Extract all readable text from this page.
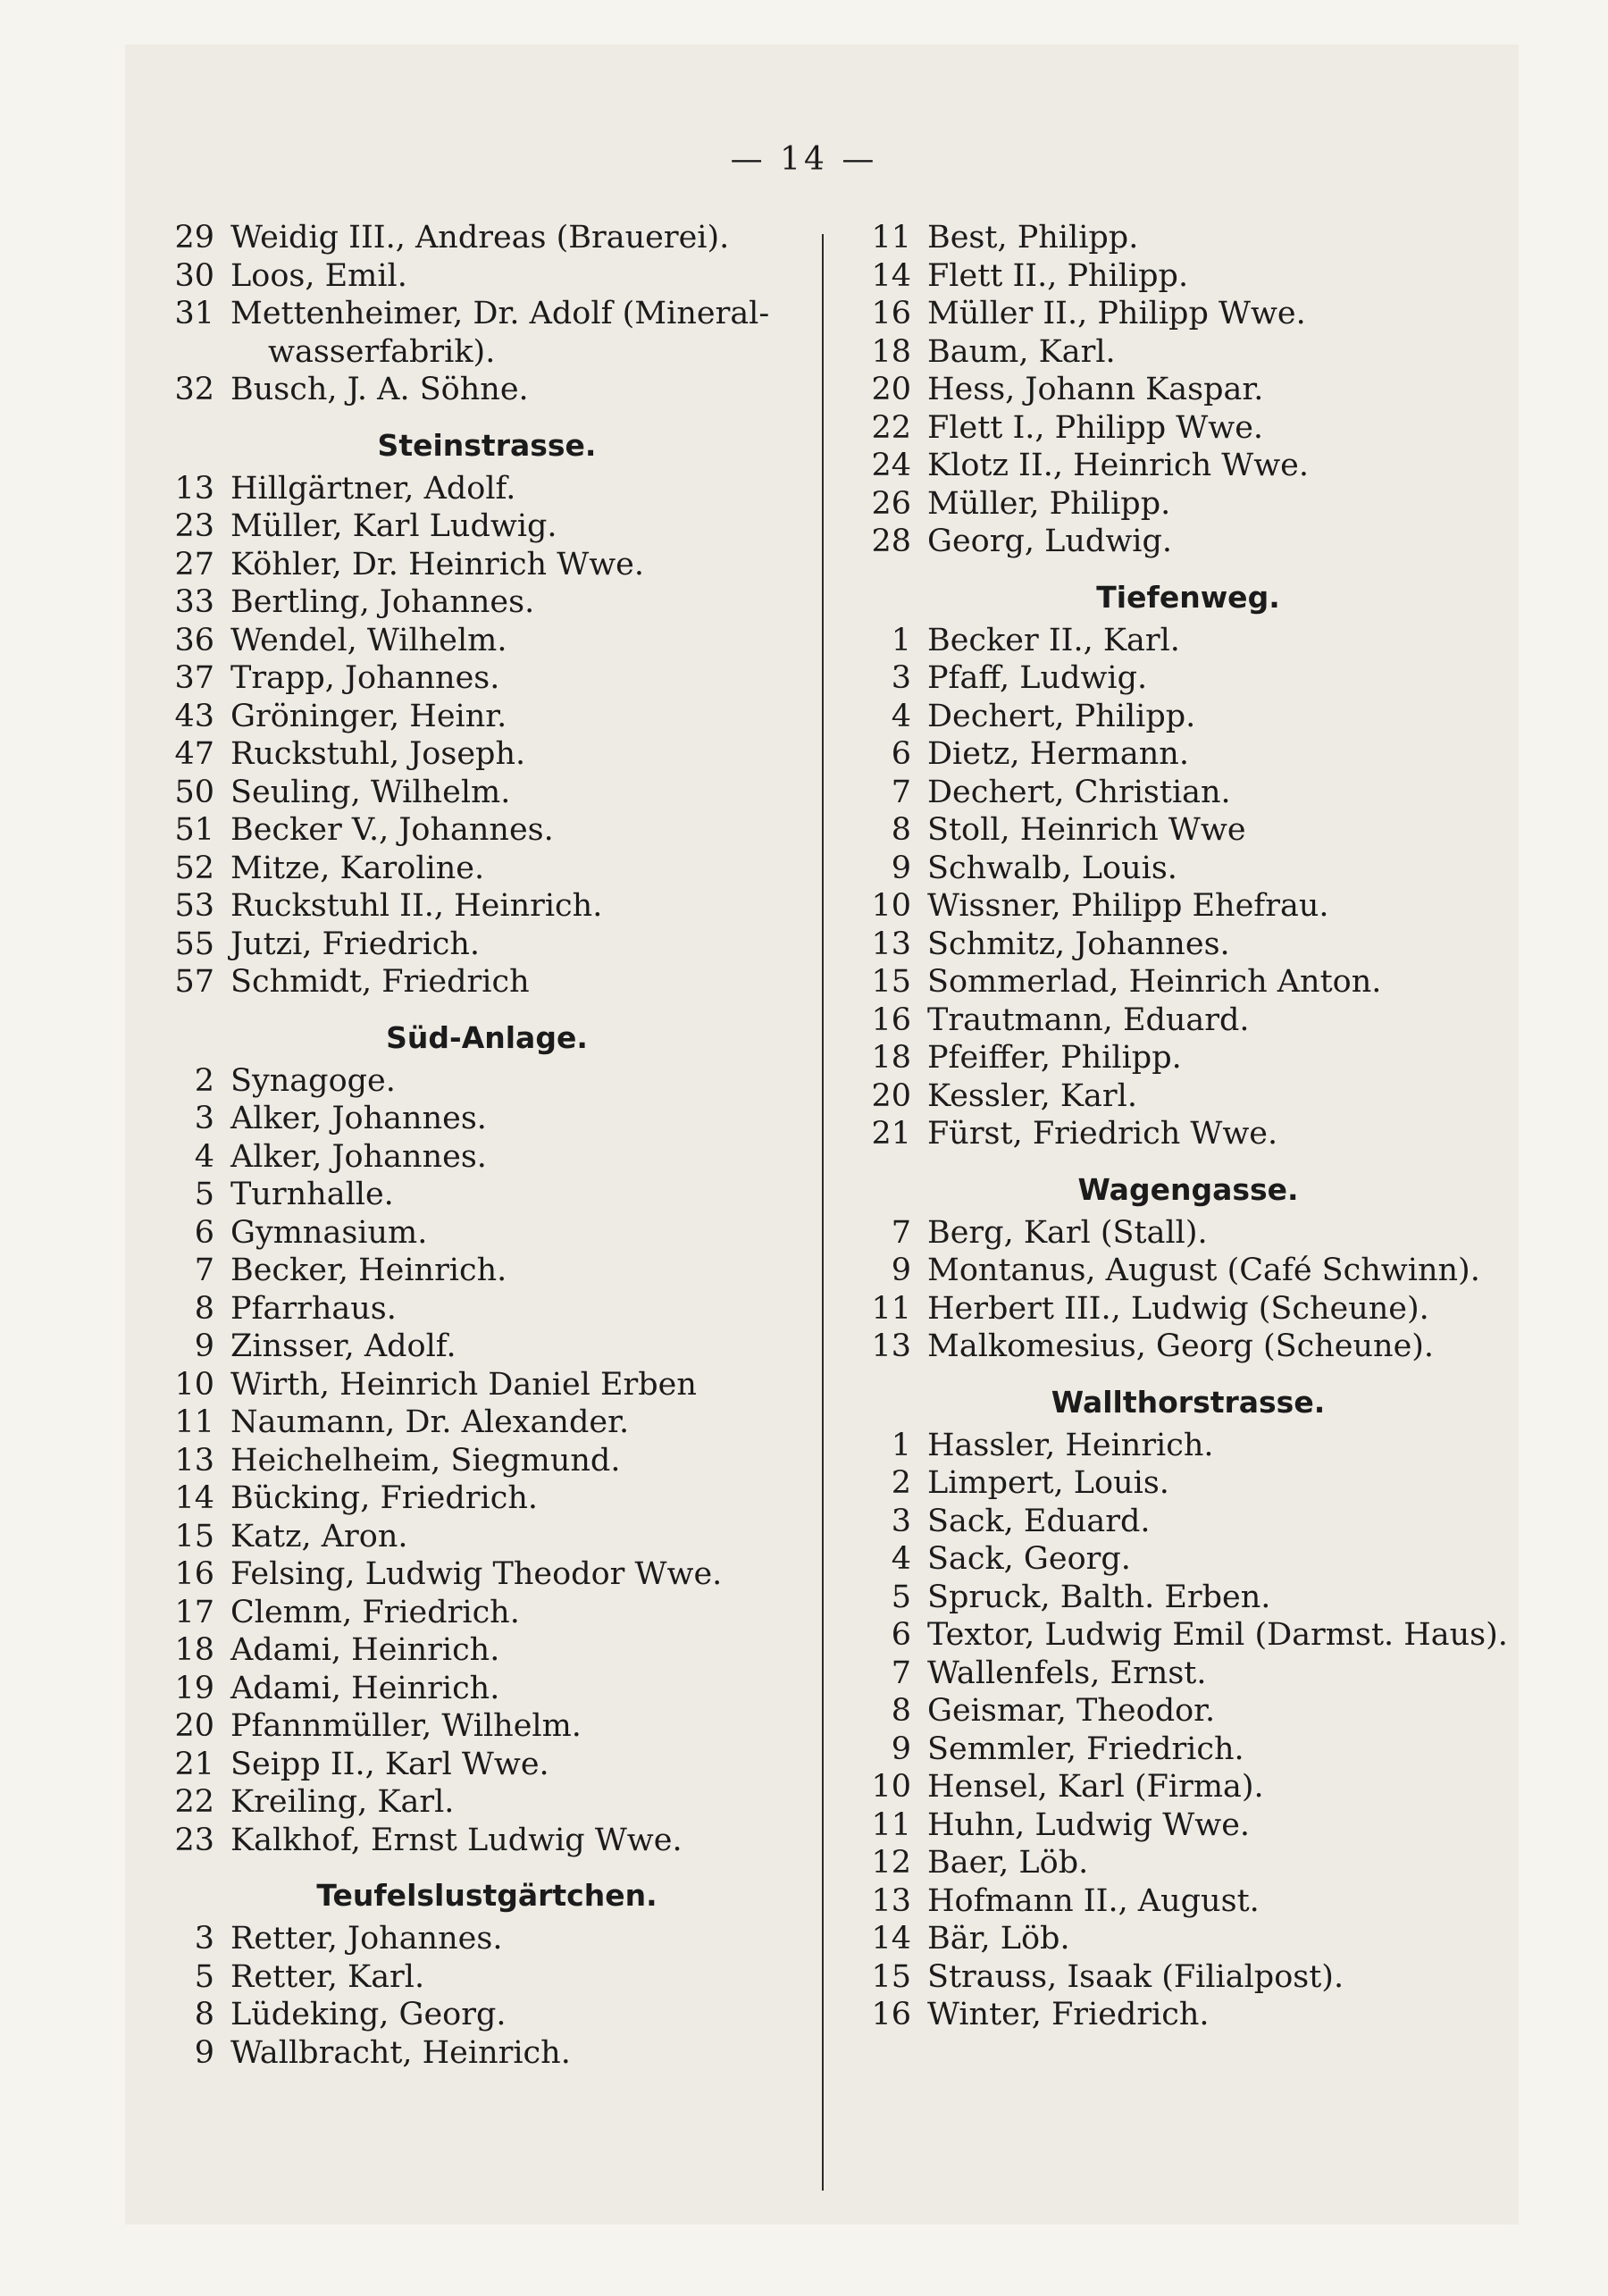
— 14 —
29 Weidig III., Andreas (Brauerei).
30 Loos, Emil.
31 Mettenheimer, Dr. Adolf (Mineral-
wasserfabrik).
32 Busch, J. A. Söhne.
Steinstrasse.
13 Hillgärtner, Adolf.
23 Müller, Karl Ludwig.
27 Köhler, Dr. Heinrich Wwe.
33 Bertling, Johannes.
36 Wendel, Wilhelm.
37 Trapp, Johannes.
43 Gröninger, Heinr.
47 Ruckstuhl, Joseph.
50 Seuling, Wilhelm.
51 Becker V., Johannes.
52 Mitze, Karoline.
53 Ruckstuhl II., Heinrich.
55 Jutzi, Friedrich.
57 Schmidt, Friedrich
Süd-Anlage.
2 Synagoge.
3 Alker, Johannes.
4 Alker, Johannes.
5 Turnhalle.
6 Gymnasium.
7 Becker, Heinrich.
8 Pfarrhaus.
9 Zinsser, Adolf.
10 Wirth, Heinrich Daniel Erben
11 Naumann, Dr. Alexander.
13 Heichelheim, Siegmund.
14 Bücking, Friedrich.
15 Katz, Aron.
16 Felsing, Ludwig Theodor Wwe.
17 Clemm, Friedrich.
18 Adami, Heinrich.
19 Adami, Heinrich.
20 Pfannmüller, Wilhelm.
21 Seipp II., Karl Wwe.
22 Kreiling, Karl.
23 Kalkhof, Ernst Ludwig Wwe.
Teufelslustgärtchen.
3 Retter, Johannes.
5 Retter, Karl.
8 Lüdeking, Georg.
9 Wallbracht, Heinrich.
11 Best, Philipp.
14 Flett II., Philipp.
16 Müller II., Philipp Wwe.
18 Baum, Karl.
20 Hess, Johann Kaspar.
22 Flett I., Philipp Wwe.
24 Klotz II., Heinrich Wwe.
26 Müller, Philipp.
28 Georg, Ludwig.
Tiefenweg.
1 Becker II., Karl.
3 Pfaff, Ludwig.
4 Dechert, Philipp.
6 Dietz, Hermann.
7 Dechert, Christian.
8 Stoll, Heinrich Wwe
9 Schwalb, Louis.
10 Wissner, Philipp Ehefrau.
13 Schmitz, Johannes.
15 Sommerlad, Heinrich Anton.
16 Trautmann, Eduard.
18 Pfeiffer, Philipp.
20 Kessler, Karl.
21 Fürst, Friedrich Wwe.
Wagengasse.
7 Berg, Karl (Stall).
9 Montanus, August (Café Schwinn).
11 Herbert III., Ludwig (Scheune).
13 Malkomesius, Georg (Scheune).
Wallthorstrasse.
1 Hassler, Heinrich.
2 Limpert, Louis.
3 Sack, Eduard.
4 Sack, Georg.
5 Spruck, Balth. Erben.
6 Textor, Ludwig Emil (Darmst. Haus).
7 Wallenfels, Ernst.
8 Geismar, Theodor.
9 Semmler, Friedrich.
10 Hensel, Karl (Firma).
11 Huhn, Ludwig Wwe.
12 Baer, Löb.
13 Hofmann II., August.
14 Bär, Löb.
15 Strauss, Isaak (Filialpost).
16 Winter, Friedrich.
